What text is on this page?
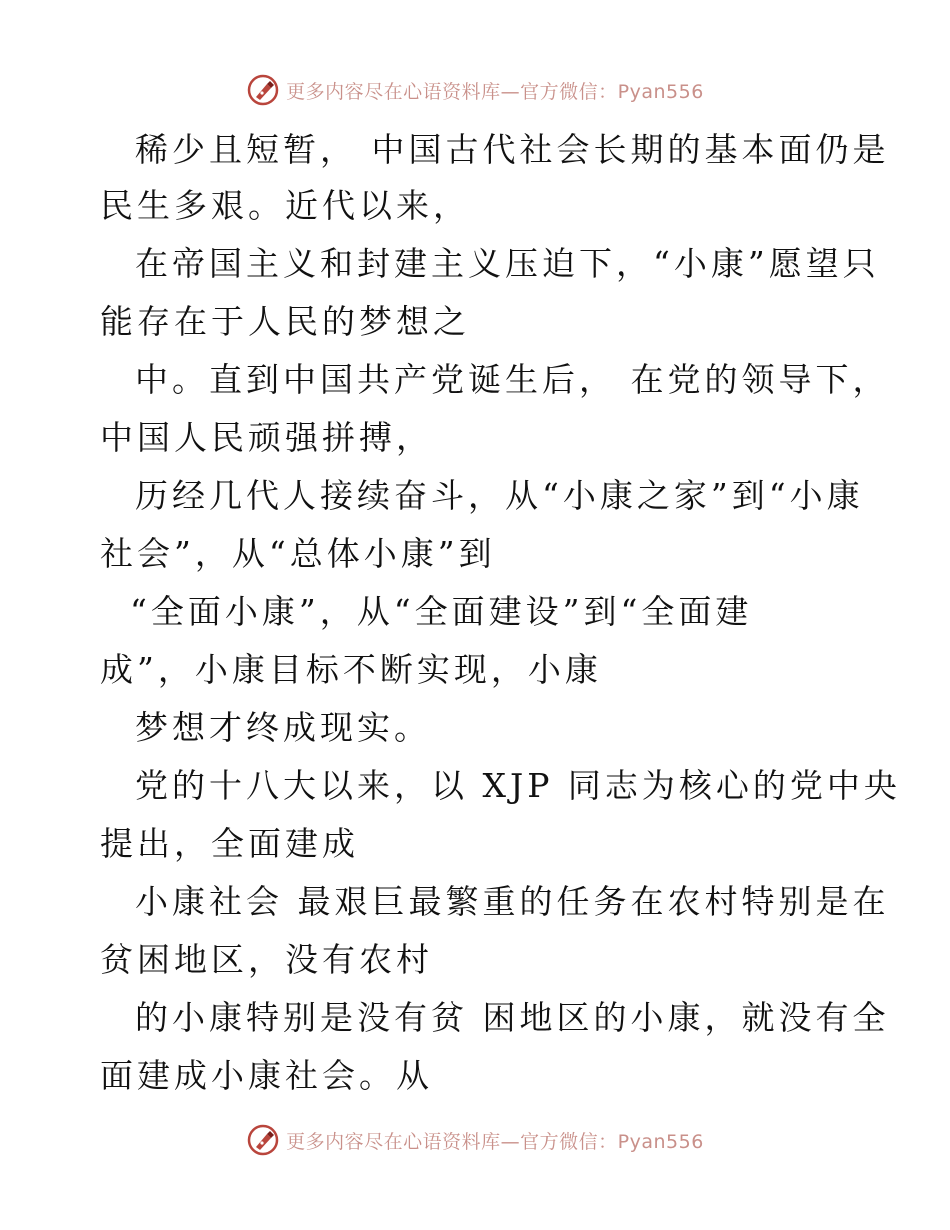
更多内容尽在心语资料库—官方微信：Pyan556
稀少且短暂， 中国古代社会长期的基本面仍是
民生多艰。近代以来，
在帝国主义和封建主义压迫下，“小康”愿望只
能存在于人民的梦想之
中。直到中国共产党诞生后， 在党的领导下，
中国人民顽强拼搏，
历经几代人接续奋斗，从“小康之家”到“小康
社会”，从“总体小康”到
“全面小康”，从“全面建设”到“全面建
成”，小康目标不断实现，小康
梦想才终成现实。
党的十八大以来，以 XJP 同志为核心的党中央
提出，全面建成
小康社会 最艰巨最繁重的任务在农村特别是在
贫困地区，没有农村
的小康特别是没有贫 困地区的小康，就没有全
面建成小康社会。从
更多内容尽在心语资料库—官方微信：Pyan556
